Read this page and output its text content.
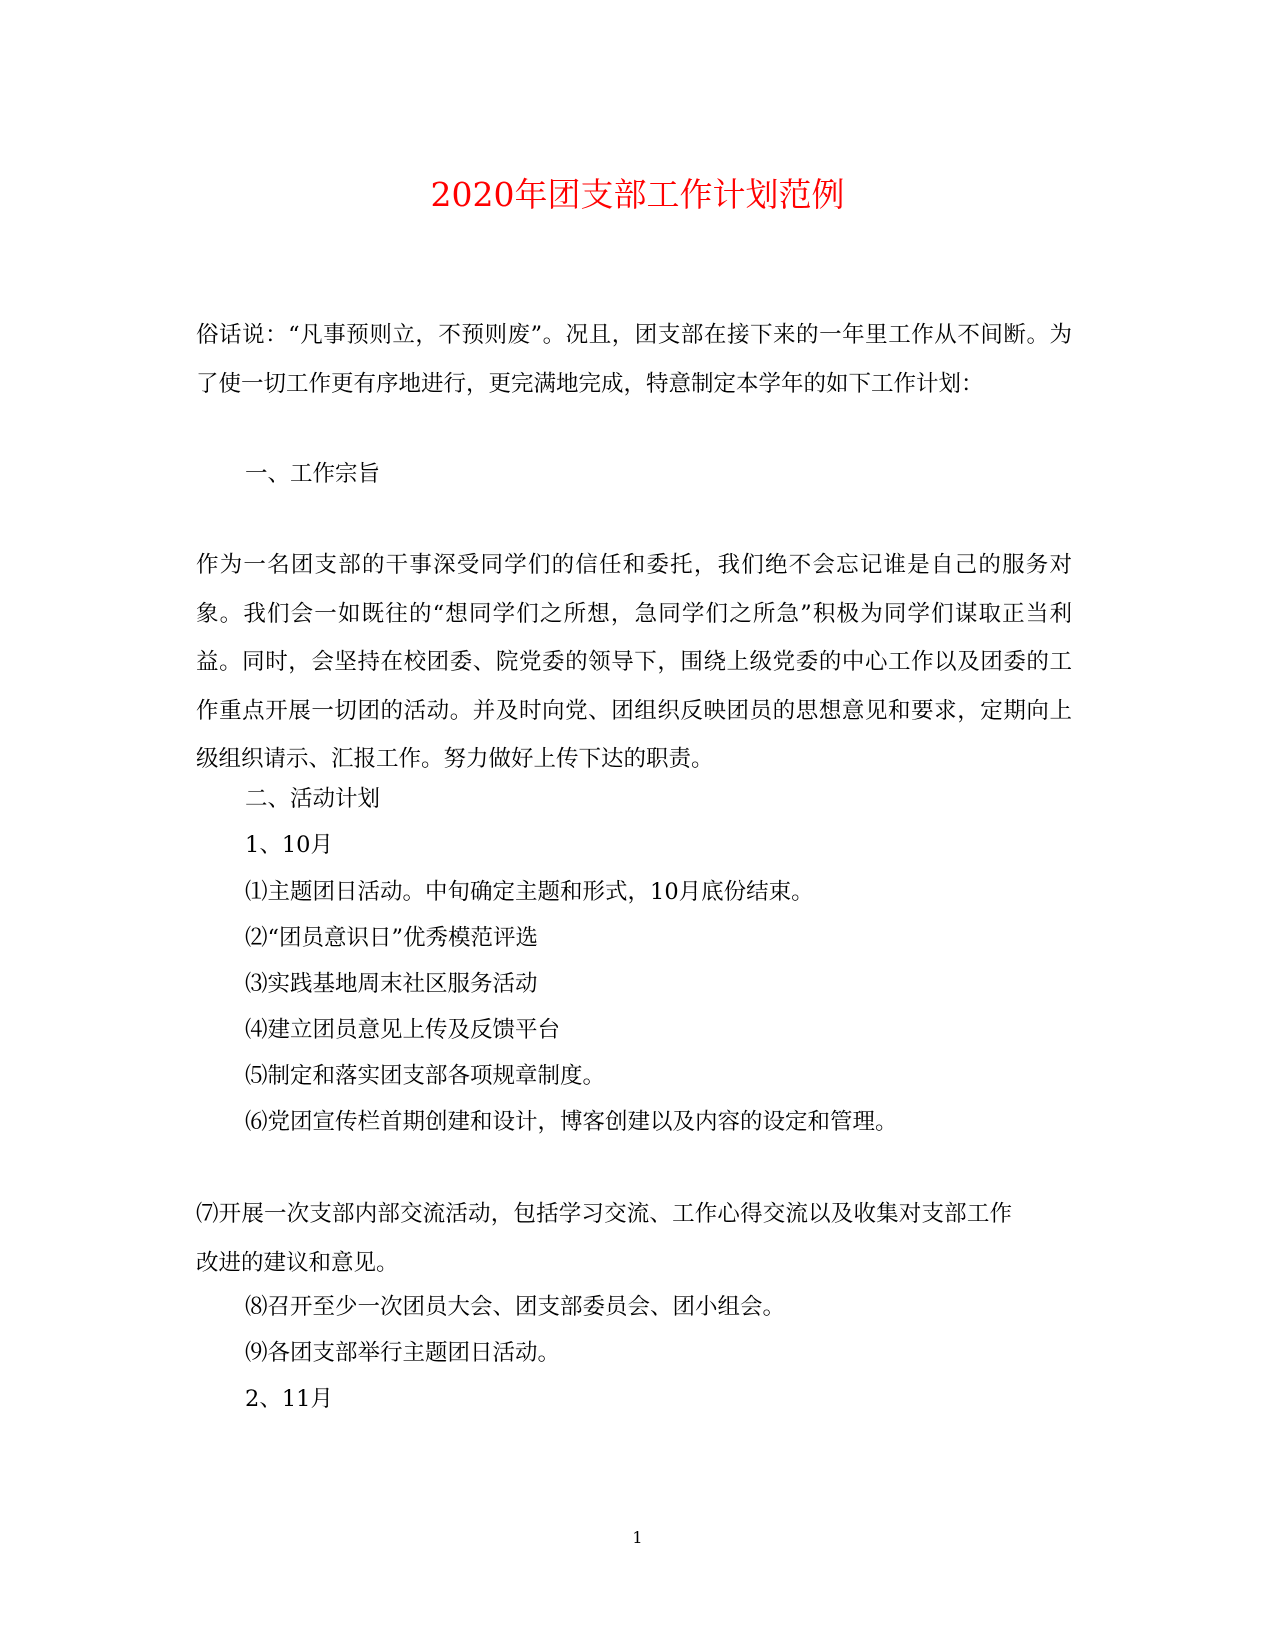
2020年团支部工作计划范例
俗话说：“凡事预则立，不预则废”。况且，团支部在接下来的一年里工作从不间断。为了使一切工作更有序地进行，更完满地完成，特意制定本学年的如下工作计划：
一、工作宗旨
作为一名团支部的干事深受同学们的信任和委托，我们绝不会忘记谁是自己的服务对象。我们会一如既往的“想同学们之所想，急同学们之所急”积极为同学们谋取正当利益。同时，会坚持在校团委、院党委的领导下，围绕上级党委的中心工作以及团委的工作重点开展一切团的活动。并及时向党、团组织反映团员的思想意见和要求，定期向上级组织请示、汇报工作。努力做好上传下达的职责。
二、活动计划
1、10月
⑴主题团日活动。中旬确定主题和形式，10月底份结束。
⑵“团员意识日”优秀模范评选
⑶实践基地周末社区服务活动
⑷建立团员意见上传及反馈平台
⑸制定和落实团支部各项规章制度。
⑹党团宣传栏首期创建和设计，博客创建以及内容的设定和管理。
⑺开展一次支部内部交流活动，包括学习交流、工作心得交流以及收集对支部工作改进的建议和意见。
⑻召开至少一次团员大会、团支部委员会、团小组会。
⑼各团支部举行主题团日活动。
2、11月
1
